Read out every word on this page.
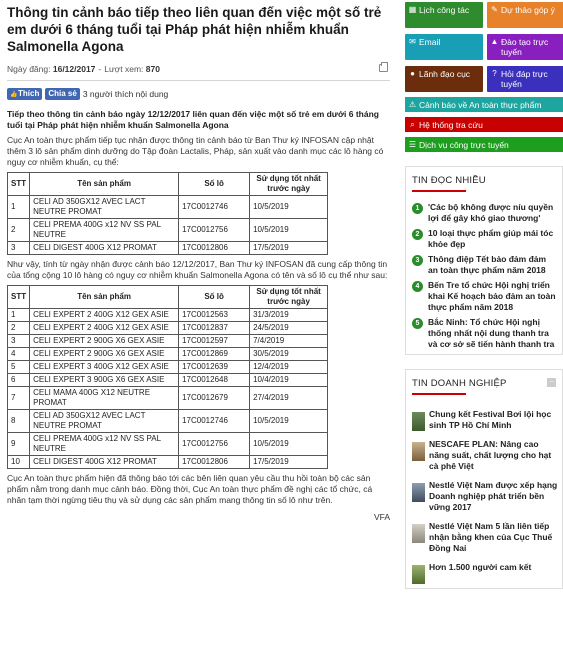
Thông tin cảnh báo tiếp theo liên quan đến việc một số trẻ em dưới 6 tháng tuổi tại Pháp phát hiện nhiễm khuẩn Salmonella Agona
Ngày đăng:
16/12/2017 - Lượt xem:
870
👍
Thích	Chia sẻ 3 người thích nội dung

Tiếp theo thông tin cảnh báo ngày 12/12/2017 liên quan đến việc một số trẻ em dưới 6 tháng tuổi tại Pháp phát hiện nhiễm khuẩn Salmonella Agona

Cục An toàn thực phẩm tiếp tục nhận được thông tin cảnh báo từ Ban Thư ký INFOSAN cập nhật thêm 3 lô sản phẩm dinh dưỡng do Tập đoàn Lactalis, Pháp, sản xuất vào danh mục các lô hàng có nguy cơ nhiễm khuẩn, cụ thể:

STT	Tên sản phẩm	Số lô	Sử dụng tốt nhất trước ngày
1	CELI AD 350GX12 AVEC LACT NEUTRE PROMAT	17C0012746	10/5/2019
2	CELI PREMA 400G x12 NV SS PAL NEUTRE	17C0012756	10/5/2019
3	CELI DIGEST 400G X12 PROMAT	17C0012806	17/5/2019

Như vậy, tính từ ngày nhận được cảnh báo 12/12/2017, Ban Thư ký INFOSAN đã cung cấp thông tin của tổng cộng 10 lô hàng có nguy cơ nhiễm khuẩn Salmonella Agona có tên và số lô cụ thể như sau:

STT	Tên sản phẩm	Số lô	Sử dụng tốt nhất trước ngày
1	CELI EXPERT 2 400G X12 GEX ASIE	17C0012563	31/3/2019
2	CELI EXPERT 2 400G X12 GEX ASIE	17C0012837	24/5/2019
3	CELI EXPERT 2 900G X6 GEX ASIE	17C0012597	7/4/2019
4	CELI EXPERT 2 900G X6 GEX ASIE	17C0012869	30/5/2019
5	CELI EXPERT 3 400G X12 GEX ASIE	17C0012639	12/4/2019
6	CELI EXPERT 3 900G X6 GEX ASIE	17C0012648	10/4/2019
7	CELI MAMA 400G X12 NEUTRE PROMAT	17C0012679	27/4/2019
8	CELI AD 350GX12 AVEC LACT NEUTRE PROMAT	17C0012746	10/5/2019
9	CELI PREMA 400G x12 NV SS PAL NEUTRE	17C0012756	10/5/2019
10	CELI DIGEST 400G X12 PROMAT	17C0012806	17/5/2019

Cục An toàn thực phẩm hiện đã thông báo tới các bên liên quan yêu cầu thu hồi toàn bộ các sản phẩm nằm trong danh mục cảnh báo. Đồng thời, Cục An toàn thực phẩm đề nghị các tổ chức, cá nhân tạm thời ngừng tiêu thụ và sử dụng các sản phẩm mang thông tin số lô như trên.

VFA
▦ Lịch công tác	✎ Dự thảo góp ý
✉ Email	▲ Đào tạo trực tuyến
● Lãnh đạo cục	? Hỏi đáp trực tuyến
⚠ Cảnh báo về An toàn thực phẩm
⌕ Hệ thống tra cứu
☰ Dịch vụ công trực tuyến
TIN ĐỌC NHIỀU
1	'Các bộ không được níu quyền lợi để gây khó giao thương'
2	10 loại thực phẩm giúp mái tóc khỏe đẹp
3	Thông điệp Tết bảo đảm đảm an toàn thực phẩm năm 2018
4	Bến Tre tổ chức Hội nghị triển khai Kế hoạch bảo đảm an toàn thực phẩm năm 2018
5	Bắc Ninh: Tổ chức Hội nghị thống nhất nội dung thanh tra và cơ sở sẽ tiến hành thanh tra
TIN DOANH NGHIỆP	−
Chung kết Festival Bơi lội học sinh TP Hồ Chí Minh
NESCAFE PLAN: Nâng cao năng suất, chất lượng cho hạt cà phê Việt
Nestlé Việt Nam được xếp hạng Doanh nghiệp phát triển bền vững 2017
Nestlé Việt Nam 5 lần liên tiếp nhận bằng khen của Cục Thuế Đồng Nai
Hơn 1.500 người cam kết
